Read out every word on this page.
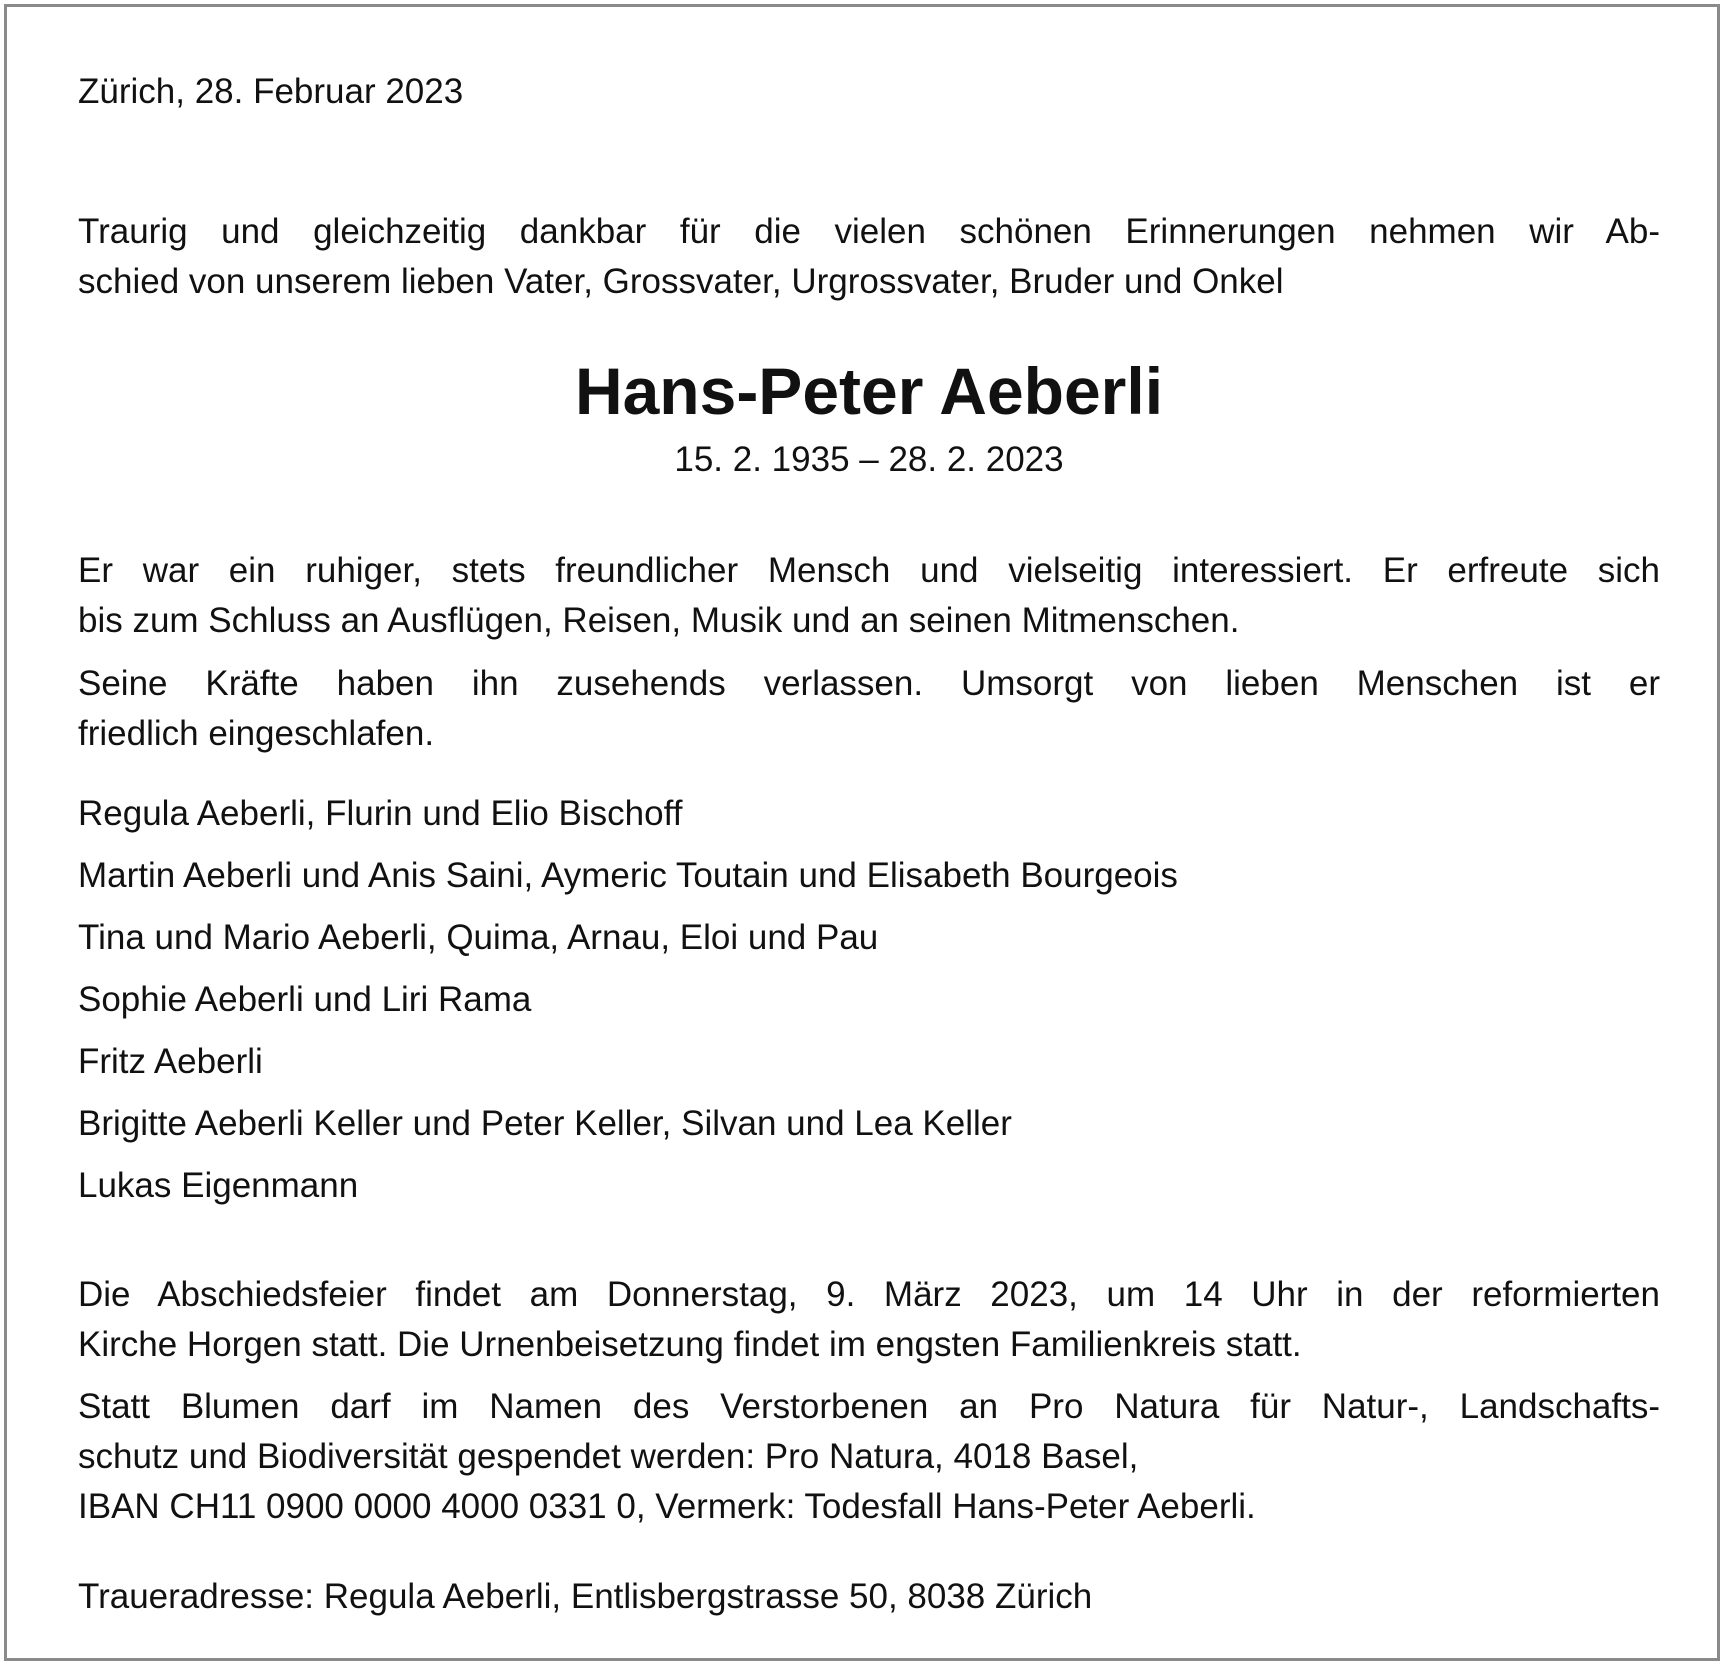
Zürich, 28. Februar 2023
Traurig und gleichzeitig dankbar für die vielen schönen Erinnerungen nehmen wir Ab-
schied von unserem lieben Vater, Grossvater, Urgrossvater, Bruder und Onkel
Hans-Peter Aeberli
15. 2. 1935 – 28. 2. 2023
Er war ein ruhiger, stets freundlicher Mensch und vielseitig interessiert. Er erfreute sich
bis zum Schluss an Ausflügen, Reisen, Musik und an seinen Mitmenschen.
Seine Kräfte haben ihn zusehends verlassen. Umsorgt von lieben Menschen ist er
friedlich eingeschlafen.
Regula Aeberli, Flurin und Elio Bischoff
Martin Aeberli und Anis Saini, Aymeric Toutain und Elisabeth Bourgeois
Tina und Mario Aeberli, Quima, Arnau, Eloi und Pau
Sophie Aeberli und Liri Rama
Fritz Aeberli
Brigitte Aeberli Keller und Peter Keller, Silvan und Lea Keller
Lukas Eigenmann
Die Abschiedsfeier findet am Donnerstag, 9. März 2023, um 14 Uhr in der reformierten
Kirche Horgen statt. Die Urnenbeisetzung findet im engsten Familienkreis statt.
Statt Blumen darf im Namen des Verstorbenen an Pro Natura für Natur-, Landschafts-
schutz und Biodiversität gespendet werden: Pro Natura, 4018 Basel,
IBAN CH11 0900 0000 4000 0331 0, Vermerk: Todesfall Hans-Peter Aeberli.
Traueradresse: Regula Aeberli, Entlisbergstrasse 50, 8038 Zürich
